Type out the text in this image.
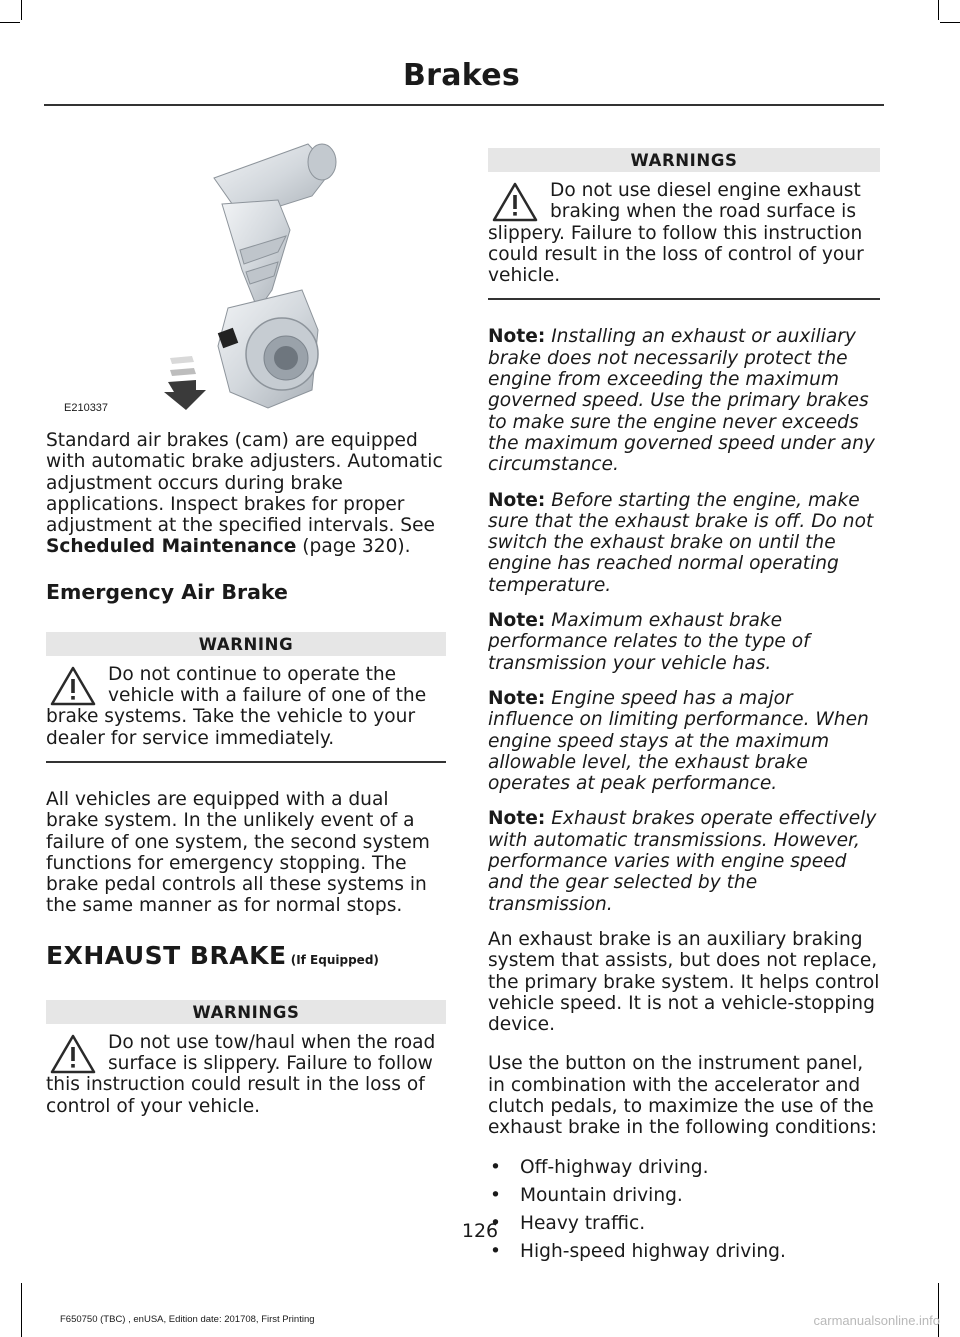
Brakes
E210337

Standard air brakes (cam) are equipped with automatic brake adjusters. Automatic adjustment occurs during brake applications. Inspect brakes for proper adjustment at the specified intervals. See Scheduled Maintenance (page 320).

Emergency Air Brake
WARNING
Do not continue to operate the vehicle with a failure of one of the brake systems. Take the vehicle to your dealer for service immediately.

All vehicles are equipped with a dual brake system. In the unlikely event of a failure of one system, the second system functions for emergency stopping. The brake pedal controls all these systems in the same manner as for normal stops.

EXHAUST BRAKE (If Equipped)
WARNINGS
Do not use tow/haul when the road surface is slippery. Failure to follow this instruction could result in the loss of control of your vehicle.
WARNINGS
Do not use diesel engine exhaust braking when the road surface is slippery. Failure to follow this instruction could result in the loss of control of your vehicle.

Note: Installing an exhaust or auxiliary brake does not necessarily protect the engine from exceeding the maximum governed speed. Use the primary brakes to make sure the engine never exceeds the maximum governed speed under any circumstance.

Note: Before starting the engine, make sure that the exhaust brake is off. Do not switch the exhaust brake on until the engine has reached normal operating temperature.

Note: Maximum exhaust brake performance relates to the type of transmission your vehicle has.

Note: Engine speed has a major influence on limiting performance. When engine speed stays at the maximum allowable level, the exhaust brake operates at peak performance.

Note: Exhaust brakes operate effectively with automatic transmissions. However, performance varies with engine speed and the gear selected by the transmission.

An exhaust brake is an auxiliary braking system that assists, but does not replace, the primary brake system. It helps control vehicle speed. It is not a vehicle-stopping device.

Use the button on the instrument panel, in combination with the accelerator and clutch pedals, to maximize the use of the exhaust brake in the following conditions:

• Off-highway driving.
• Mountain driving.
• Heavy traffic.
• High-speed highway driving.
126
F650750 (TBC) , enUSA, Edition date: 201708, First Printing	carmanualsonline.info
